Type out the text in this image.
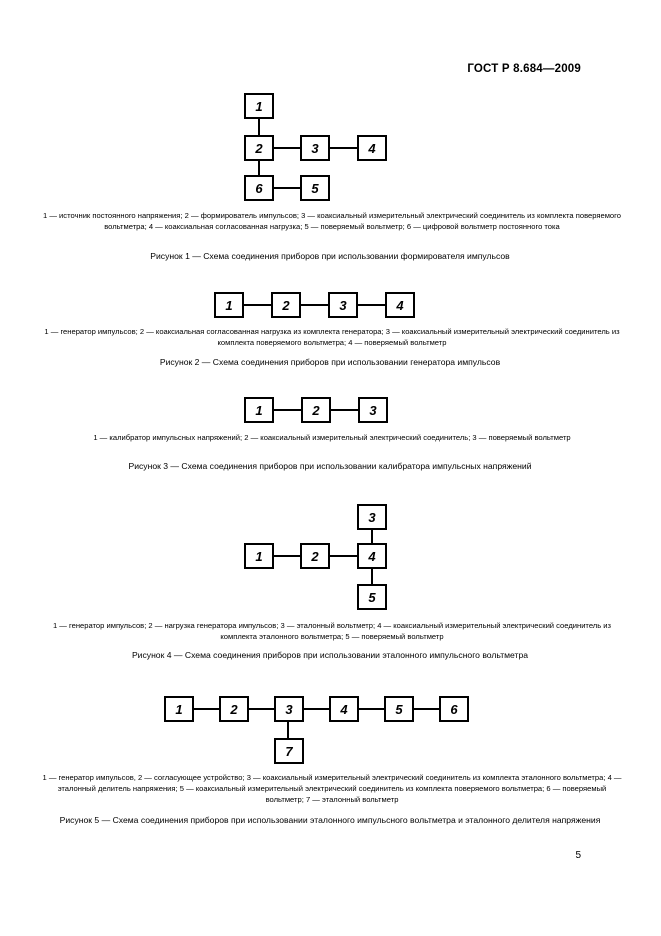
ГОСТ Р 8.684—2009
1
2	3	4
5
6
1 — источник постоянного напряжения; 2 — формирователь импульсов; 3 — коаксиальный измерительный электрический соединитель из комплекта поверяемого вольтметра; 4 — коаксиальная согласованная нагрузка; 5 — поверяемый вольтметр; 6 — цифровой вольтметр постоянного тока
Рисунок 1 — Схема соединения приборов при использовании формирователя импульсов
1	2	3	4
1 — генератор импульсов; 2 — коаксиальная согласованная нагрузка из комплекта генератора; 3 — коаксиальный измерительный электрический соединитель из комплекта поверяемого вольтметра; 4 — поверяемый вольтметр
Рисунок 2 — Схема соединения приборов при использовании генератора импульсов
1	2	3
1 — калибратор импульсных напряжений; 2 — коаксиальный измерительный электрический соединитель; 3 — поверяемый вольтметр
Рисунок 3 — Схема соединения приборов при использовании калибратора импульсных напряжений
3
1	2	4
5
1 — генератор импульсов; 2 — нагрузка генератора импульсов; 3 — эталонный вольтметр; 4 — коаксиальный измерительный электрический соединитель из комплекта эталонного вольтметра; 5 — поверяемый вольтметр
Рисунок 4 — Схема соединения приборов при использовании эталонного импульсного вольтметра
1	2	3	4	5	6
7
1 — генератор импульсов, 2 — согласующее устройство; 3 — коаксиальный измерительный электрический соединитель из комплекта эталонного вольтметра; 4 — эталонный делитель напряжения; 5 — коаксиальный измерительный электрический соединитель из комплекта поверяемого вольтметра; 6 — поверяемый вольтметр; 7 — эталонный вольтметр
Рисунок 5 — Схема соединения приборов при использовании эталонного импульсного вольтметра и эталонного делителя напряжения
5
